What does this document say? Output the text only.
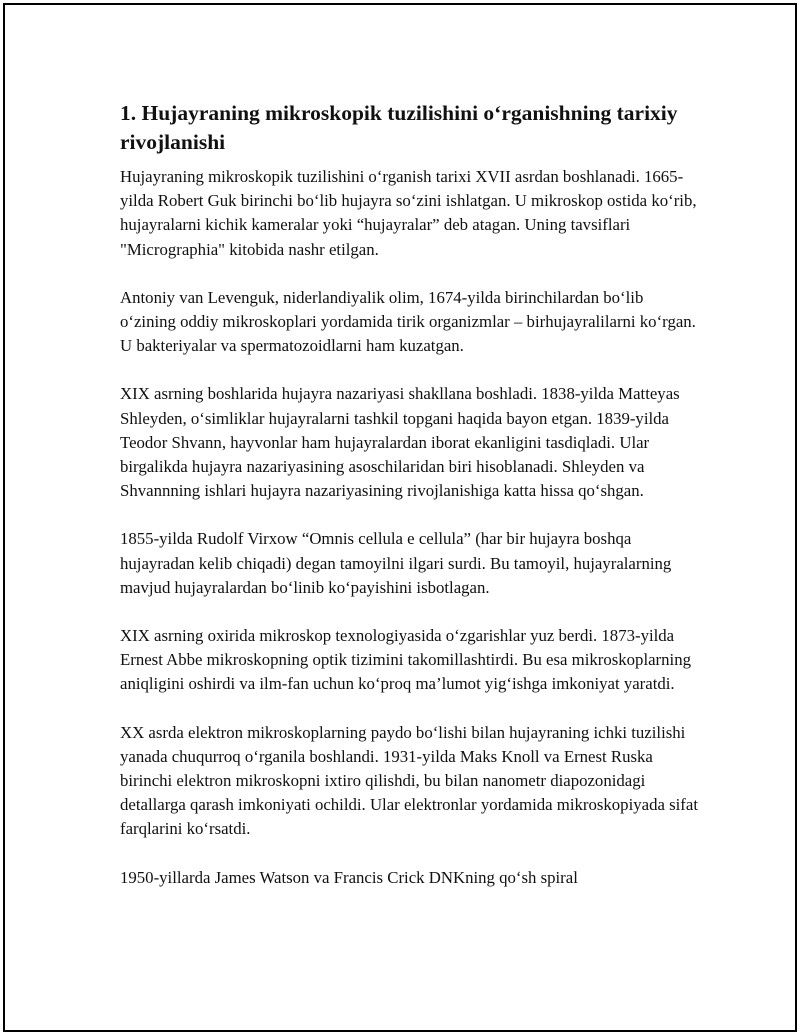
1. Hujayraning mikroskopik tuzilishini o‘rganishning tarixiy rivojlanishi

Hujayraning mikroskopik tuzilishini o‘rganish tarixi XVII asrdan boshlanadi. 1665-yilda Robert Guk birinchi bo‘lib hujayra so‘zini ishlatgan. U mikroskop ostida ko‘rib, hujayralarni kichik kameralar yoki “hujayralar” deb atagan. Uning tavsiflari "Micrographia" kitobida nashr etilgan.

Antoniy van Levenguk, niderlandiyalik olim, 1674-yilda birinchilardan bo‘lib o‘zining oddiy mikroskoplari yordamida tirik organizmlar – birhujayralilarni ko‘rgan. U bakteriyalar va spermatozoidlarni ham kuzatgan.

XIX asrning boshlarida hujayra nazariyasi shakllana boshladi. 1838-yilda Matteyas Shleyden, o‘simliklar hujayralarni tashkil topgani haqida bayon etgan. 1839-yilda Teodor Shvann, hayvonlar ham hujayralardan iborat ekanligini tasdiqladi. Ular birgalikda hujayra nazariyasining asoschilaridan biri hisoblanadi. Shleyden va Shvannning ishlari hujayra nazariyasining rivojlanishiga katta hissa qo‘shgan.

1855-yilda Rudolf Virxow “Omnis cellula e cellula” (har bir hujayra boshqa hujayradan kelib chiqadi) degan tamoyilni ilgari surdi. Bu tamoyil, hujayralarning mavjud hujayralardan bo‘linib ko‘payishini isbotlagan.

XIX asrning oxirida mikroskop texnologiyasida o‘zgarishlar yuz berdi. 1873-yilda Ernest Abbe mikroskopning optik tizimini takomillashtirdi. Bu esa mikroskoplarning aniqligini oshirdi va ilm-fan uchun ko‘proq ma’lumot yig‘ishga imkoniyat yaratdi.

XX asrda elektron mikroskoplarning paydo bo‘lishi bilan hujayraning ichki tuzilishi yanada chuqurroq o‘rganila boshlandi. 1931-yilda Maks Knoll va Ernest Ruska birinchi elektron mikroskopni ixtiro qilishdi, bu bilan nanometr diapozonidagi detallarga qarash imkoniyati ochildi. Ular elektronlar yordamida mikroskopiyada sifat farqlarini ko‘rsatdi.

1950-yillarda James Watson va Francis Crick DNKning qo‘sh spiral
